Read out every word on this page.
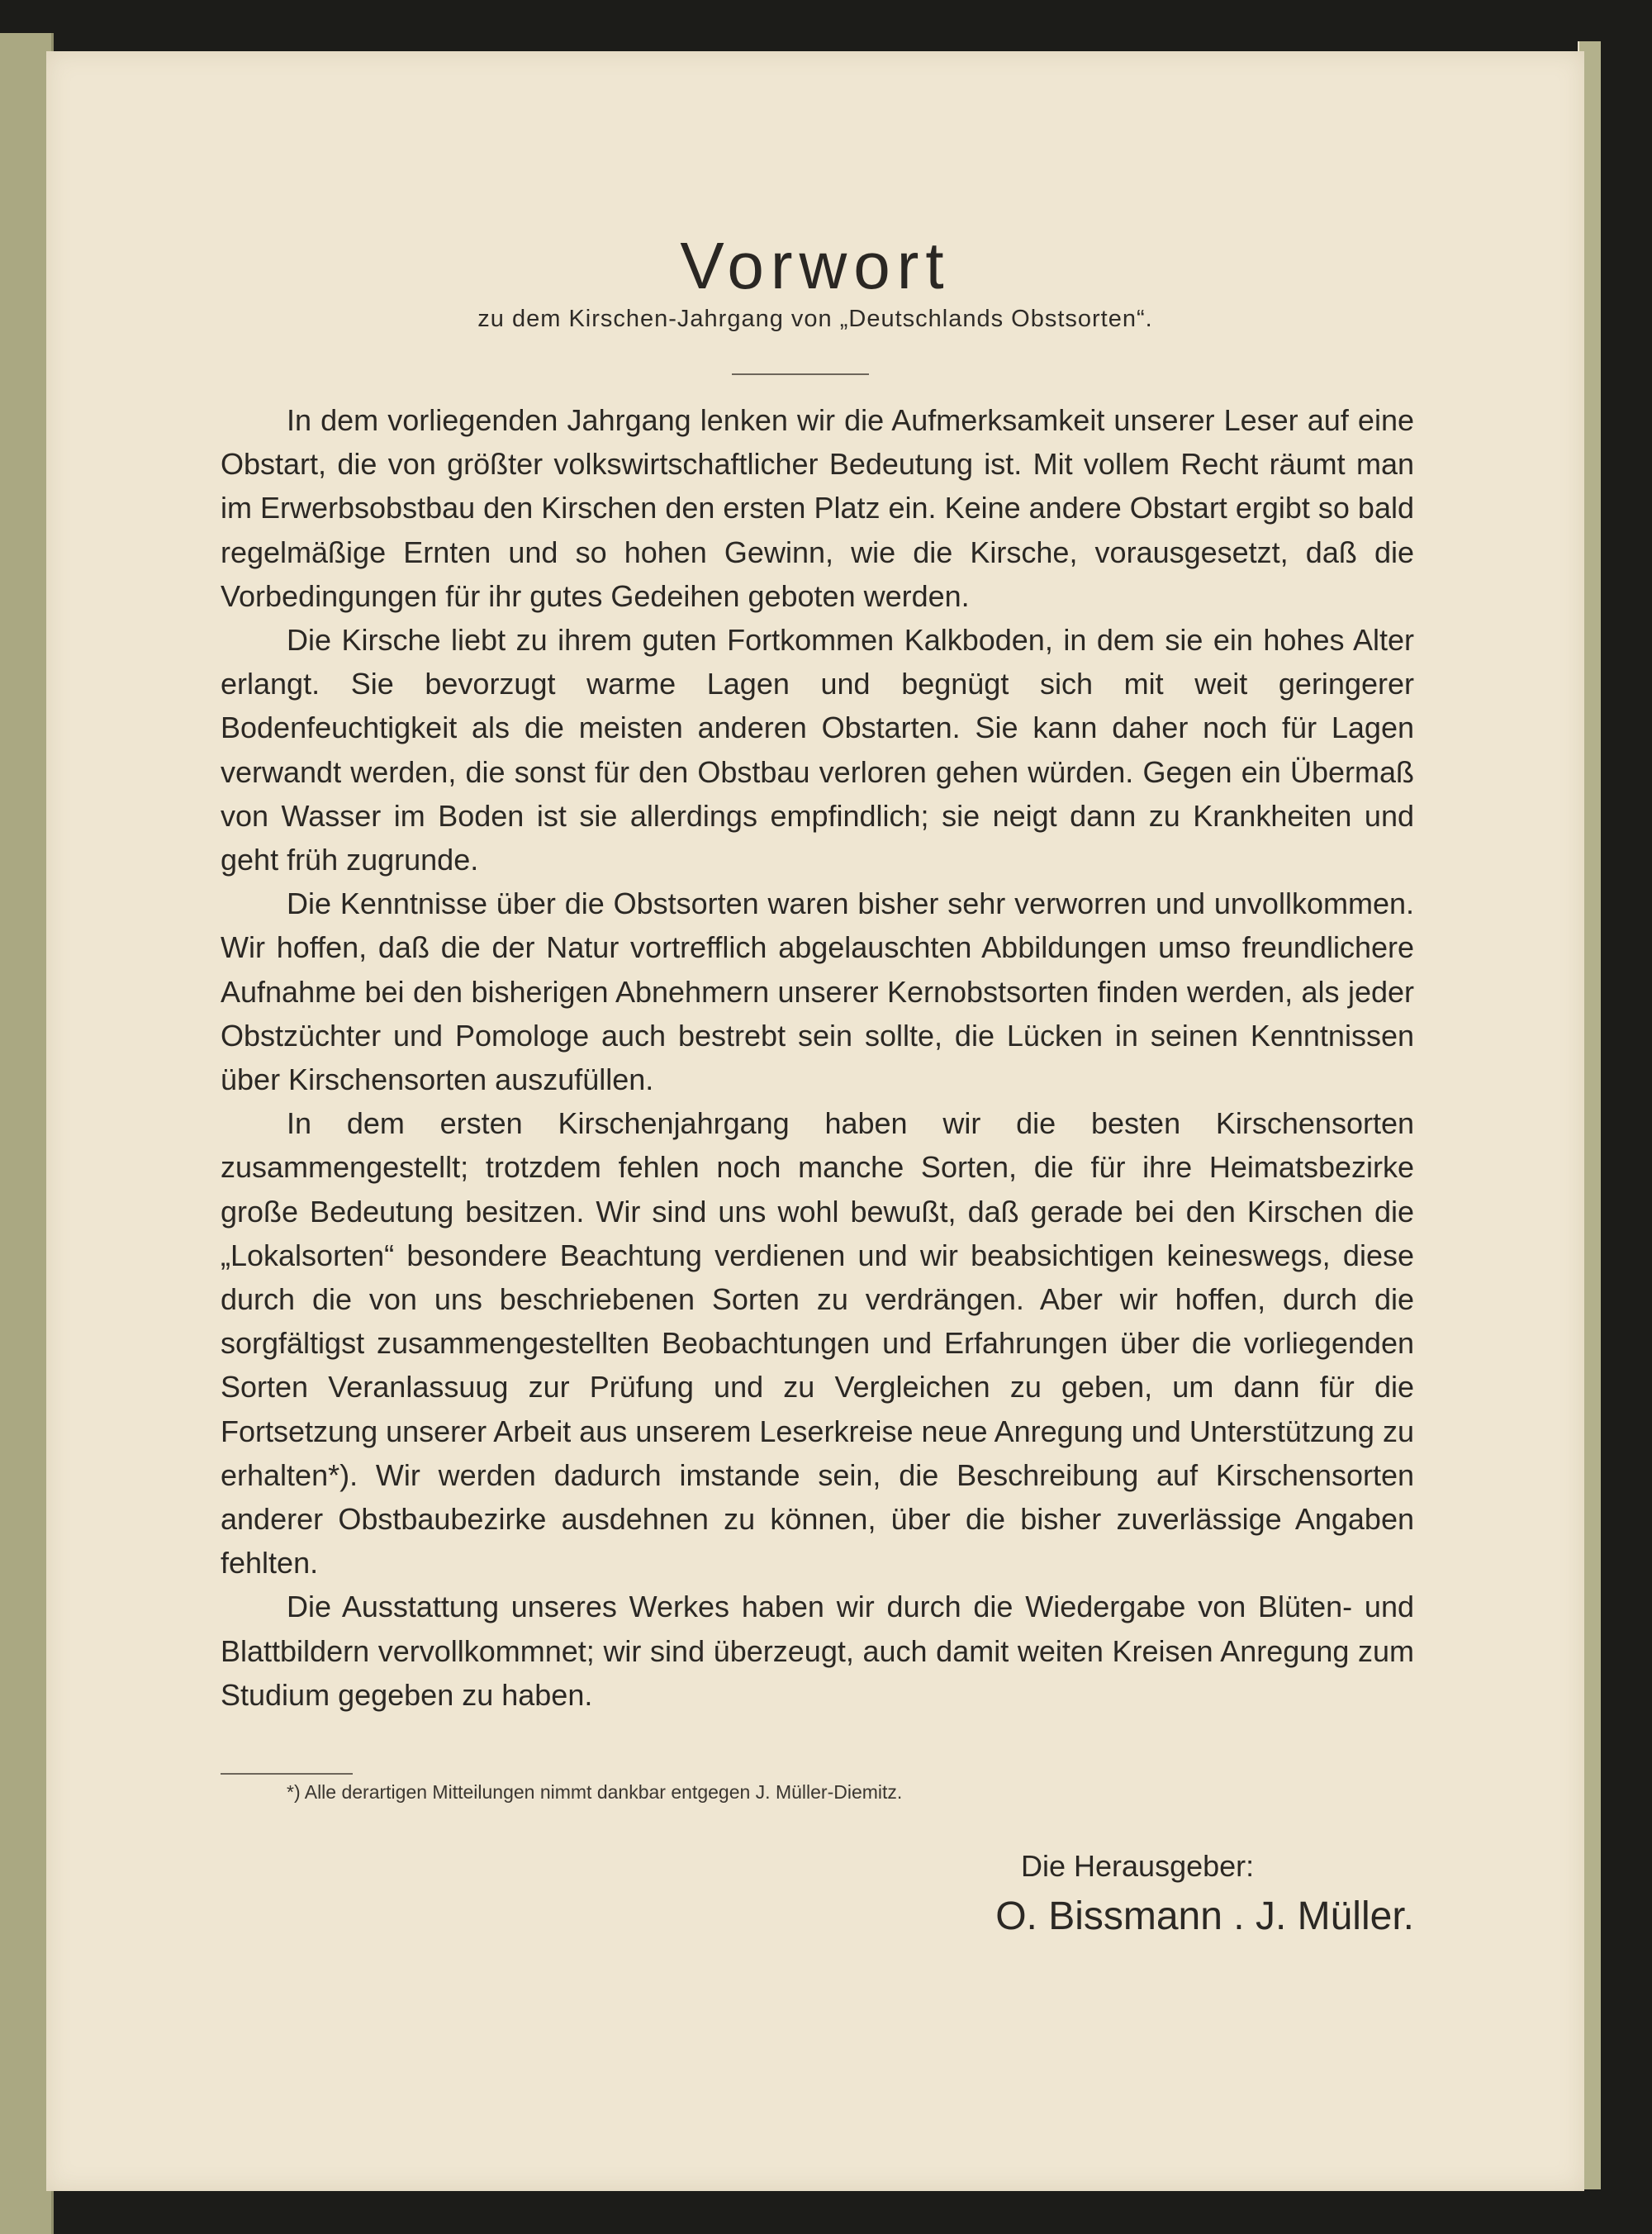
Vorwort
zu dem Kirschen-Jahrgang von „Deutschlands Obstsorten“.

In dem vorliegenden Jahrgang lenken wir die Aufmerksamkeit unserer Leser auf eine Obstart, die von größter volkswirtschaftlicher Bedeutung ist. Mit vollem Recht räumt man im Erwerbsobstbau den Kirschen den ersten Platz ein. Keine andere Obstart ergibt so bald regelmäßige Ernten und so hohen Gewinn, wie die Kirsche, vorausgesetzt, daß die Vorbedingungen für ihr gutes Gedeihen geboten werden.

Die Kirsche liebt zu ihrem guten Fortkommen Kalkboden, in dem sie ein hohes Alter erlangt. Sie bevorzugt warme Lagen und begnügt sich mit weit geringerer Bodenfeuchtigkeit als die meisten anderen Obstarten. Sie kann daher noch für Lagen verwandt werden, die sonst für den Obstbau verloren gehen würden. Gegen ein Übermaß von Wasser im Boden ist sie allerdings empfindlich; sie neigt dann zu Krankheiten und geht früh zugrunde.

Die Kenntnisse über die Obstsorten waren bisher sehr verworren und unvollkommen. Wir hoffen, daß die der Natur vortrefflich abgelauschten Abbildungen umso freundlichere Aufnahme bei den bisherigen Abnehmern unserer Kernobstsorten finden werden, als jeder Obstzüchter und Pomologe auch bestrebt sein sollte, die Lücken in seinen Kenntnissen über Kirschensorten auszufüllen.

In dem ersten Kirschenjahrgang haben wir die besten Kirschensorten zusammengestellt; trotzdem fehlen noch manche Sorten, die für ihre Heimatsbezirke große Bedeutung besitzen. Wir sind uns wohl bewußt, daß gerade bei den Kirschen die „Lokalsorten“ besondere Beachtung verdienen und wir beabsichtigen keineswegs, diese durch die von uns beschriebenen Sorten zu verdrängen. Aber wir hoffen, durch die sorgfältigst zusammengestellten Beobachtungen und Erfahrungen über die vorliegenden Sorten Veranlassuug zur Prüfung und zu Vergleichen zu geben, um dann für die Fortsetzung unserer Arbeit aus unserem Leserkreise neue Anregung und Unterstützung zu erhalten*). Wir werden dadurch imstande sein, die Beschreibung auf Kirschensorten anderer Obstbaubezirke ausdehnen zu können, über die bisher zuverlässige Angaben fehlten.

Die Ausstattung unseres Werkes haben wir durch die Wiedergabe von Blüten- und Blattbildern vervollkommnet; wir sind überzeugt, auch damit weiten Kreisen Anregung zum Studium gegeben zu haben.

*) Alle derartigen Mitteilungen nimmt dankbar entgegen J. Müller-Diemitz.
Die Herausgeber:
O. Bissmann . J. Müller.
